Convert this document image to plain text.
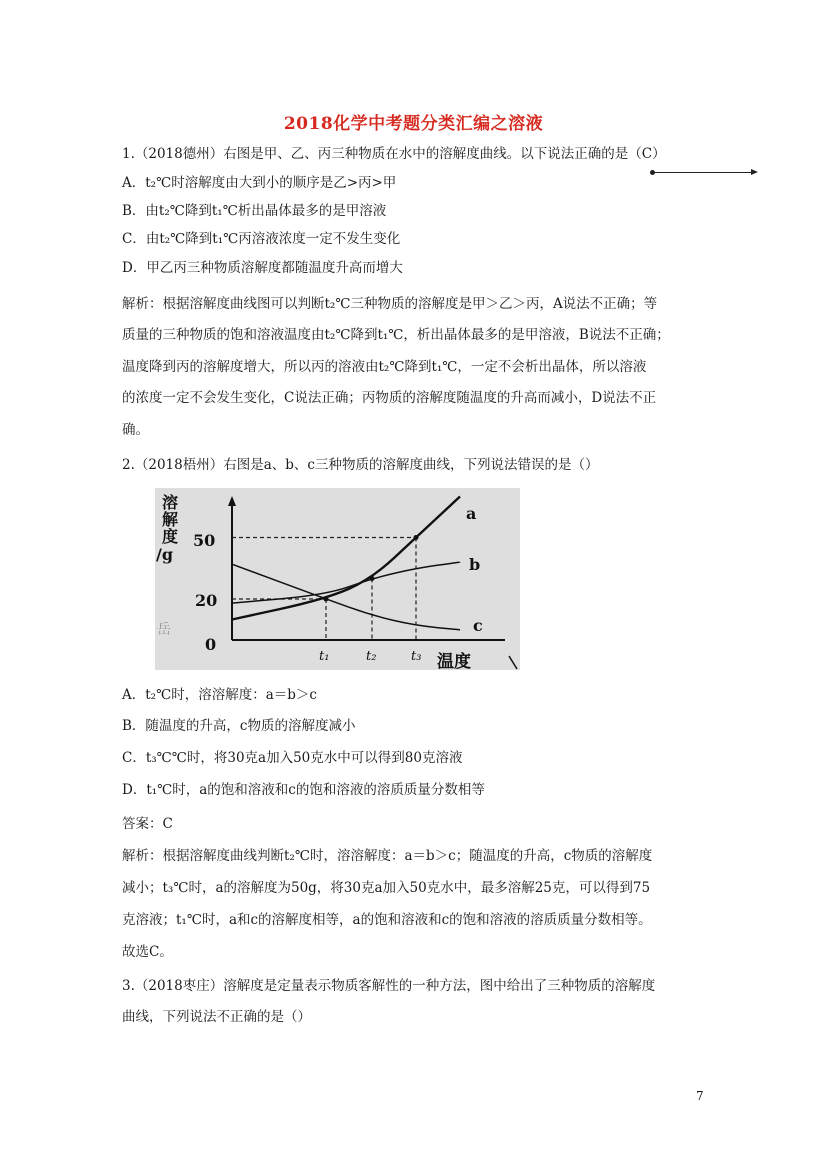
2018化学中考题分类汇编之溶液
1.（2018德州）右图是甲、乙、丙三种物质在水中的溶解度曲线。以下说法正确的是（C）
A．t₂℃时溶解度由大到小的顺序是乙>丙>甲
B．由t₂℃降到t₁℃析出晶体最多的是甲溶液
C．由t₂℃降到t₁℃丙溶液浓度一定不发生变化
D．甲乙丙三种物质溶解度都随温度升高而增大
解析：根据溶解度曲线图可以判断t₂℃三种物质的溶解度是甲＞乙＞丙，A说法不正确；等
质量的三种物质的饱和溶液温度由t₂℃降到t₁℃，析出晶体最多的是甲溶液，B说法不正确；
温度降到丙的溶解度增大，所以丙的溶液由t₂℃降到t₁℃，一定不会析出晶体，所以溶液
的浓度一定不会发生变化，C说法正确；丙物质的溶解度随温度的升高而减小，D说法不正
确。
2.（2018梧州）右图是a、b、c三种物质的溶解度曲线，下列说法错误的是（）
溶
解
度
/g
岳
50
20
0
温度
t₁	t₂	t₃
a
b
c
A．t₂℃时，溶溶解度：a＝b＞c
B．随温度的升高，c物质的溶解度减小
C．t₃℃℃时，将30克a加入50克水中可以得到80克溶液
D．t₁℃时，a的饱和溶液和c的饱和溶液的溶质质量分数相等
答案：C
解析：根据溶解度曲线判断t₂℃时，溶溶解度：a＝b＞c；随温度的升高，c物质的溶解度
减小；t₃℃时，a的溶解度为50g，将30克a加入50克水中，最多溶解25克，可以得到75
克溶液；t₁℃时，a和c的溶解度相等，a的饱和溶液和c的饱和溶液的溶质质量分数相等。
故选C。
3.（2018枣庄）溶解度是定量表示物质客解性的一种方法，图中给出了三种物质的溶解度
曲线，下列说法不正确的是（）
7
